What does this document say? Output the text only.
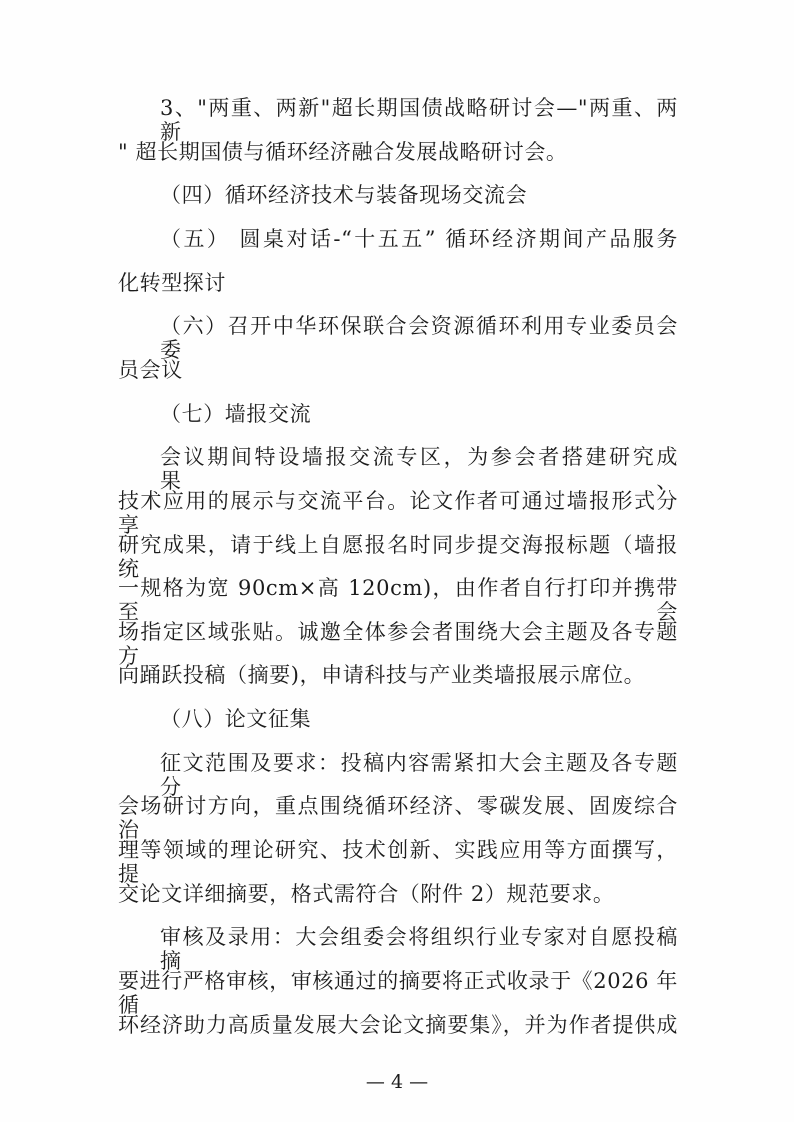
3、"两重、两新"超长期国债战略研讨会—"两重、两新
" 超长期国债与循环经济融合发展战略研讨会。
（四）循环经济技术与装备现场交流会
（五） 圆桌对话-“十五五” 循环经济期间产品服务
化转型探讨
（六）召开中华环保联合会资源循环利用专业委员会委
员会议
（七）墙报交流
会议期间特设墙报交流专区，为参会者搭建研究成果、
技术应用的展示与交流平台。论文作者可通过墙报形式分享
研究成果，请于线上自愿报名时同步提交海报标题（墙报统
一规格为宽 90cm×高 120cm)，由作者自行打印并携带至会
场指定区域张贴。诚邀全体参会者围绕大会主题及各专题方
向踊跃投稿（摘要)，申请科技与产业类墙报展示席位。
（八）论文征集
征文范围及要求：投稿内容需紧扣大会主题及各专题分
会场研讨方向，重点围绕循环经济、零碳发展、固废综合治
理等领域的理论研究、技术创新、实践应用等方面撰写，提
交论文详细摘要，格式需符合（附件 2）规范要求。
审核及录用：大会组委会将组织行业专家对自愿投稿摘
要进行严格审核，审核通过的摘要将正式收录于《2026 年循
环经济助力高质量发展大会论文摘要集》，并为作者提供成
— 4 —
